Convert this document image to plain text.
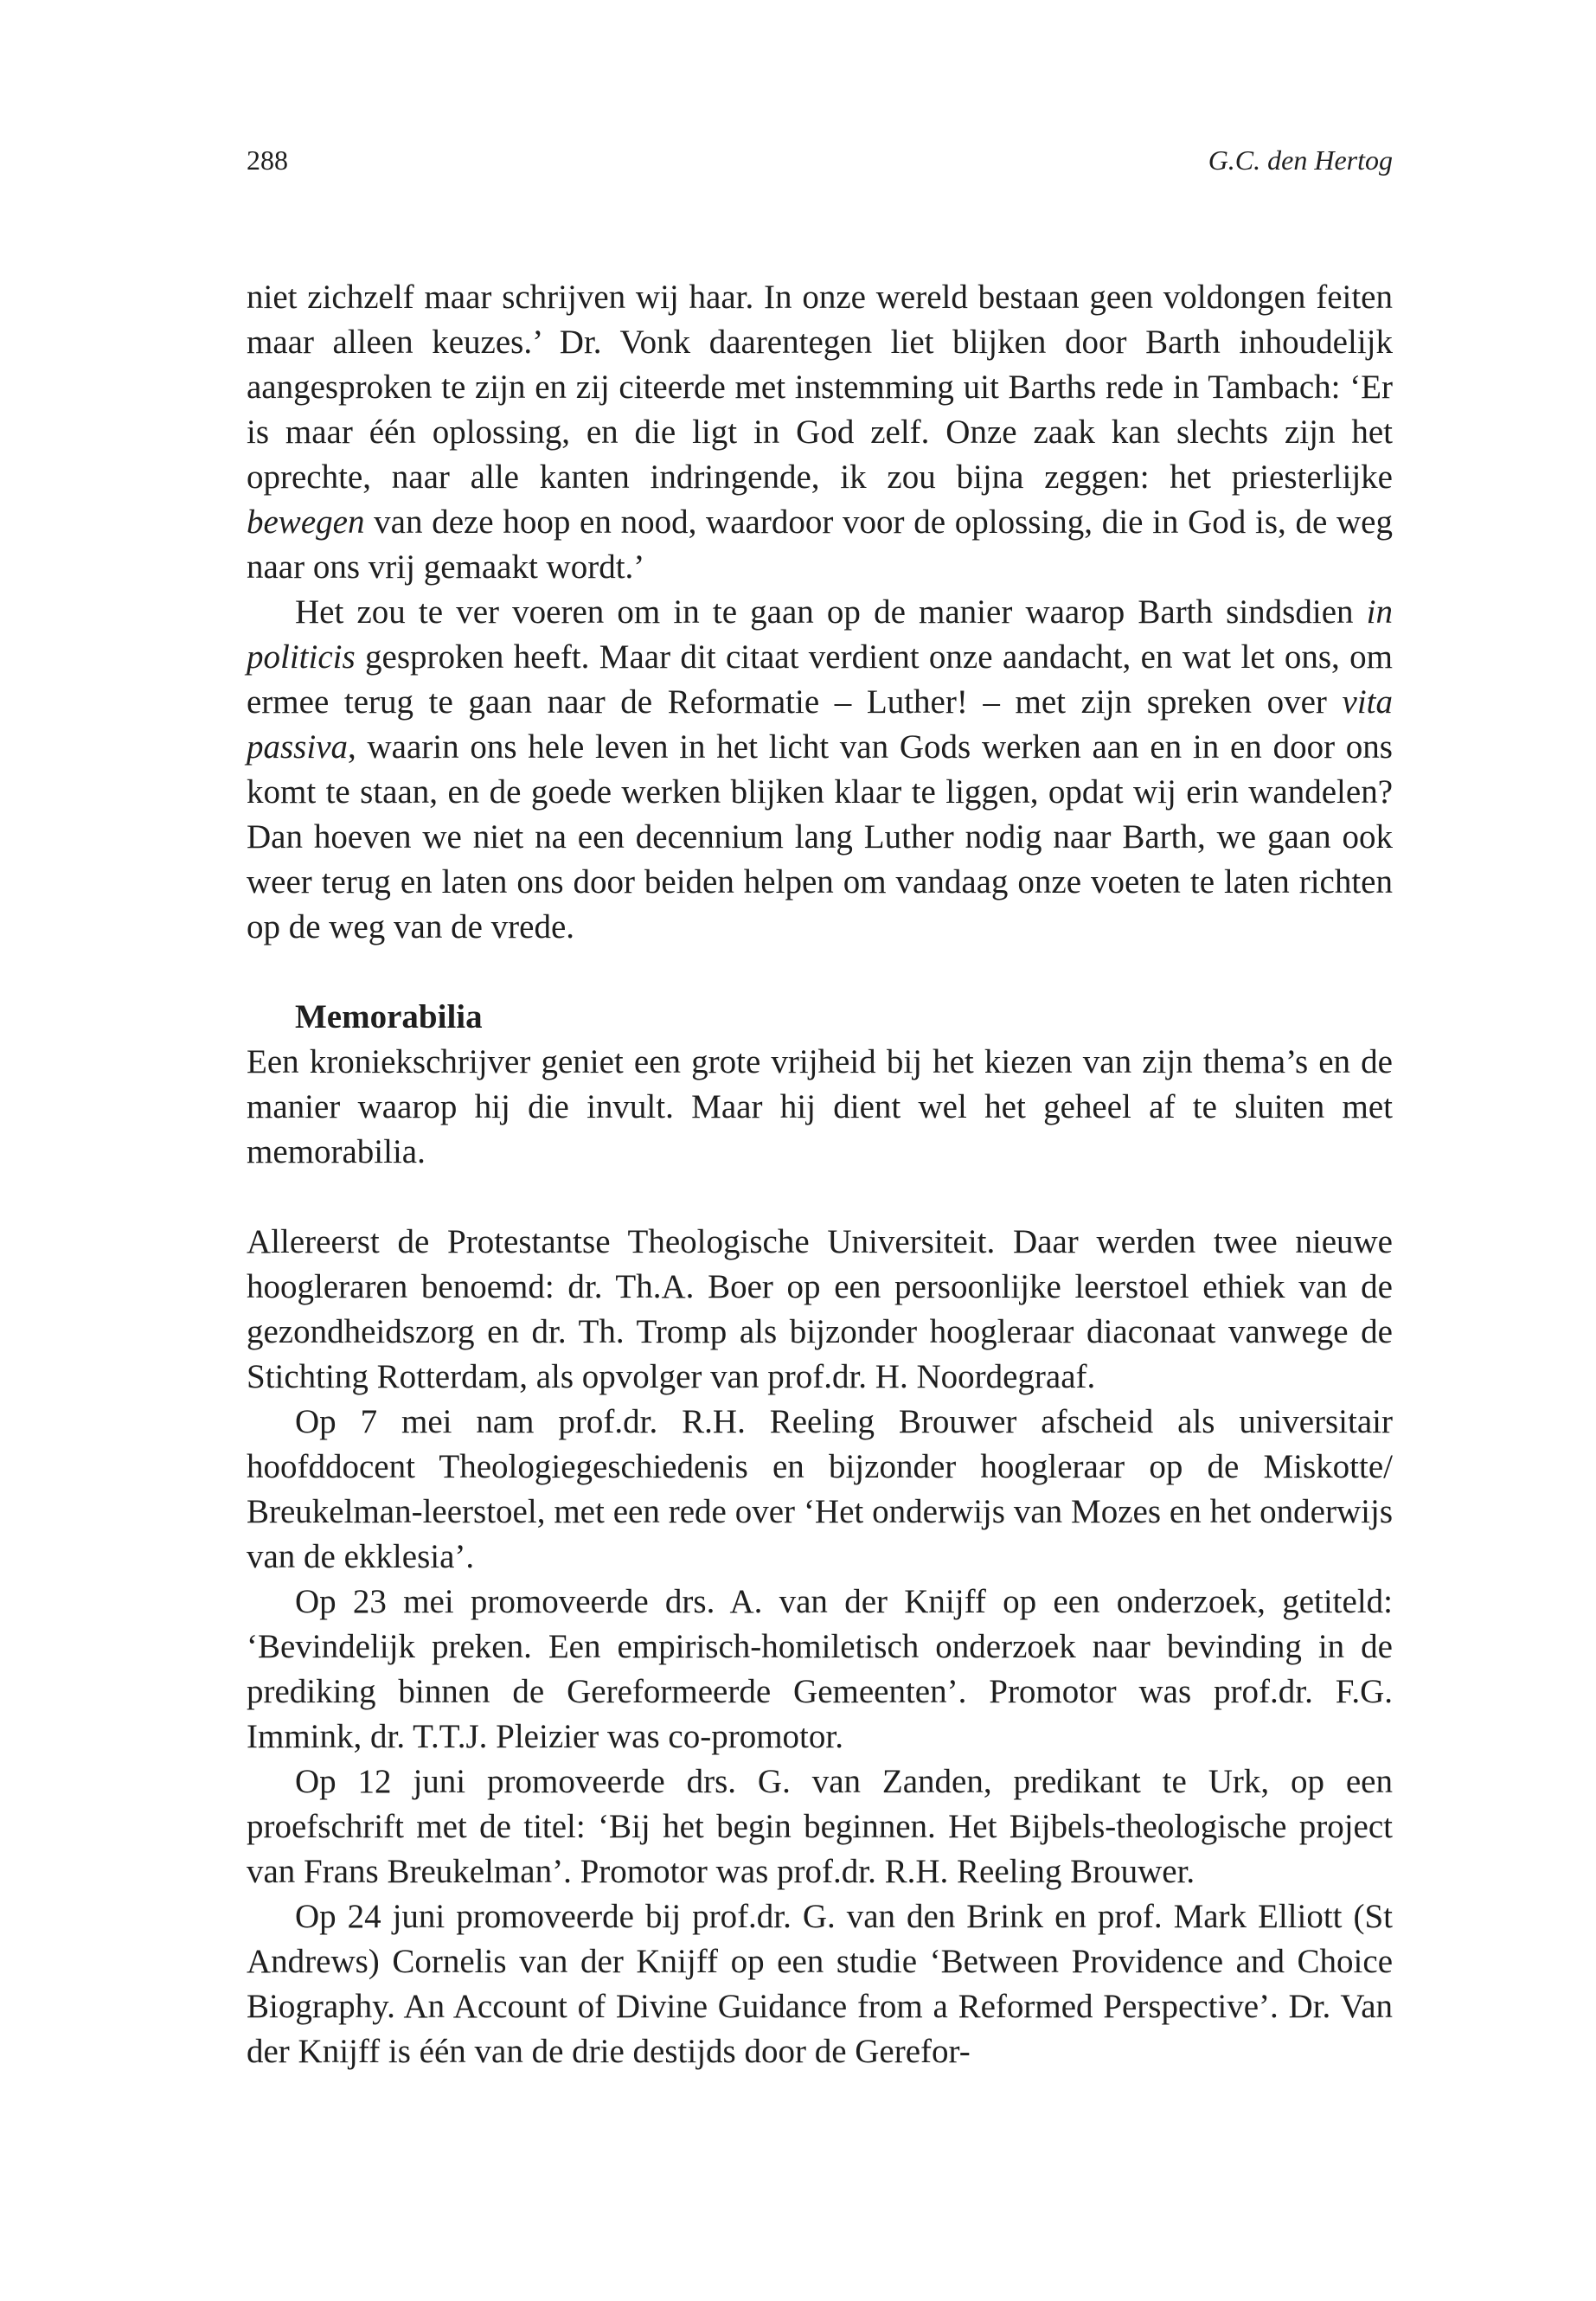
288	G.C. den Hertog

niet zichzelf maar schrijven wij haar. In onze wereld bestaan geen voldongen feiten maar alleen keuzes.’ Dr. Vonk daarentegen liet blijken door Barth inhoudelijk aangesproken te zijn en zij citeerde met instemming uit Barths rede in Tambach: ‘Er is maar één oplossing, en die ligt in God zelf. Onze zaak kan slechts zijn het oprechte, naar alle kanten indringende, ik zou bijna zeggen: het priesterlijke bewegen van deze hoop en nood, waardoor voor de oplossing, die in God is, de weg naar ons vrij gemaakt wordt.’

Het zou te ver voeren om in te gaan op de manier waarop Barth sindsdien in politicis gesproken heeft. Maar dit citaat verdient onze aandacht, en wat let ons, om ermee terug te gaan naar de Reformatie – Luther! – met zijn spreken over vita passiva, waarin ons hele leven in het licht van Gods werken aan en in en door ons komt te staan, en de goede werken blijken klaar te liggen, opdat wij erin wandelen? Dan hoeven we niet na een decennium lang Luther nodig naar Barth, we gaan ook weer terug en laten ons door beiden helpen om vandaag onze voeten te laten richten op de weg van de vrede.

Memorabilia

Een kroniekschrijver geniet een grote vrijheid bij het kiezen van zijn thema’s en de manier waarop hij die invult. Maar hij dient wel het geheel af te sluiten met memorabilia.

Allereerst de Protestantse Theologische Universiteit. Daar werden twee nieuwe hoogleraren benoemd: dr. Th.A. Boer op een persoonlijke leerstoel ethiek van de gezondheidszorg en dr. Th. Tromp als bijzonder hoogleraar diaconaat vanwege de Stichting Rotterdam, als opvolger van prof.dr. H. Noordegraaf.

Op 7 mei nam prof.dr. R.H. Reeling Brouwer afscheid als universitair hoofddocent Theologiegeschiedenis en bijzonder hoogleraar op de Miskotte/ Breukelman-leerstoel, met een rede over ‘Het onderwijs van Mozes en het onderwijs van de ekklesia’.

Op 23 mei promoveerde drs. A. van der Knijff op een onderzoek, getiteld: ‘Bevindelijk preken. Een empirisch-homiletisch onderzoek naar bevinding in de prediking binnen de Gereformeerde Gemeenten’. Promotor was prof.dr. F.G. Immink, dr. T.T.J. Pleizier was co-promotor.

Op 12 juni promoveerde drs. G. van Zanden, predikant te Urk, op een proefschrift met de titel: ‘Bij het begin beginnen. Het Bijbels-theologische project van Frans Breukelman’. Promotor was prof.dr. R.H. Reeling Brouwer.

Op 24 juni promoveerde bij prof.dr. G. van den Brink en prof. Mark Elliott (St Andrews) Cornelis van der Knijff op een studie ‘Between Providence and Choice Biography. An Account of Divine Guidance from a Reformed Perspective’. Dr. Van der Knijff is één van de drie destijds door de Gerefor-
